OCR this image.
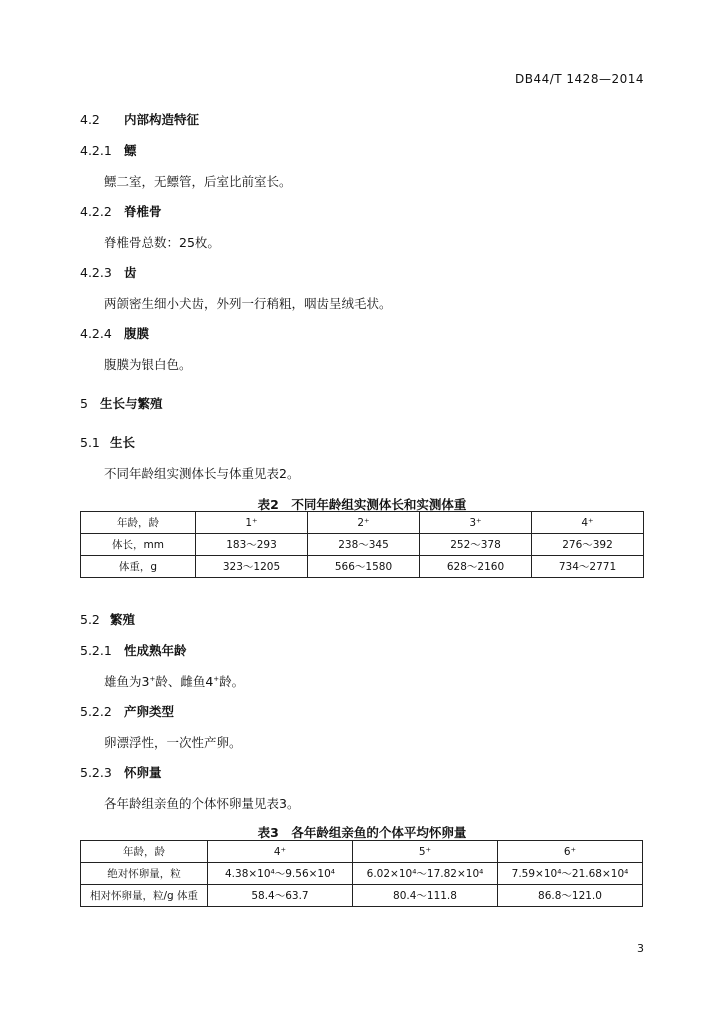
DB44/T 1428—2014
4.2 内部构造特征
4.2.1 鳔
鳔二室，无鳔管，后室比前室长。
4.2.2 脊椎骨
脊椎骨总数：25枚。
4.2.3 齿
两颌密生细小犬齿，外列一行稍粗，咽齿呈绒毛状。
4.2.4 腹膜
腹膜为银白色。
5 生长与繁殖
5.1 生长
不同年龄组实测体长与体重见表2。
表2　不同年龄组实测体长和实测体重
年龄，龄	1⁺	2⁺	3⁺	4⁺
体长，mm	183～293	238～345	252～378	276～392
体重，g	323～1205	566～1580	628～2160	734～2771
5.2 繁殖
5.2.1 性成熟年龄
雄鱼为3+龄、雌鱼4+龄。
5.2.2 产卵类型
卵漂浮性，一次性产卵。
5.2.3 怀卵量
各年龄组亲鱼的个体怀卵量见表3。
表3　各年龄组亲鱼的个体平均怀卵量
年龄，龄	4⁺	5⁺	6⁺
绝对怀卵量，粒	4.38×10⁴～9.56×10⁴	6.02×10⁴～17.82×10⁴	7.59×10⁴～21.68×10⁴
相对怀卵量，粒/g 体重	58.4～63.7	80.4～111.8	86.8～121.0
3
